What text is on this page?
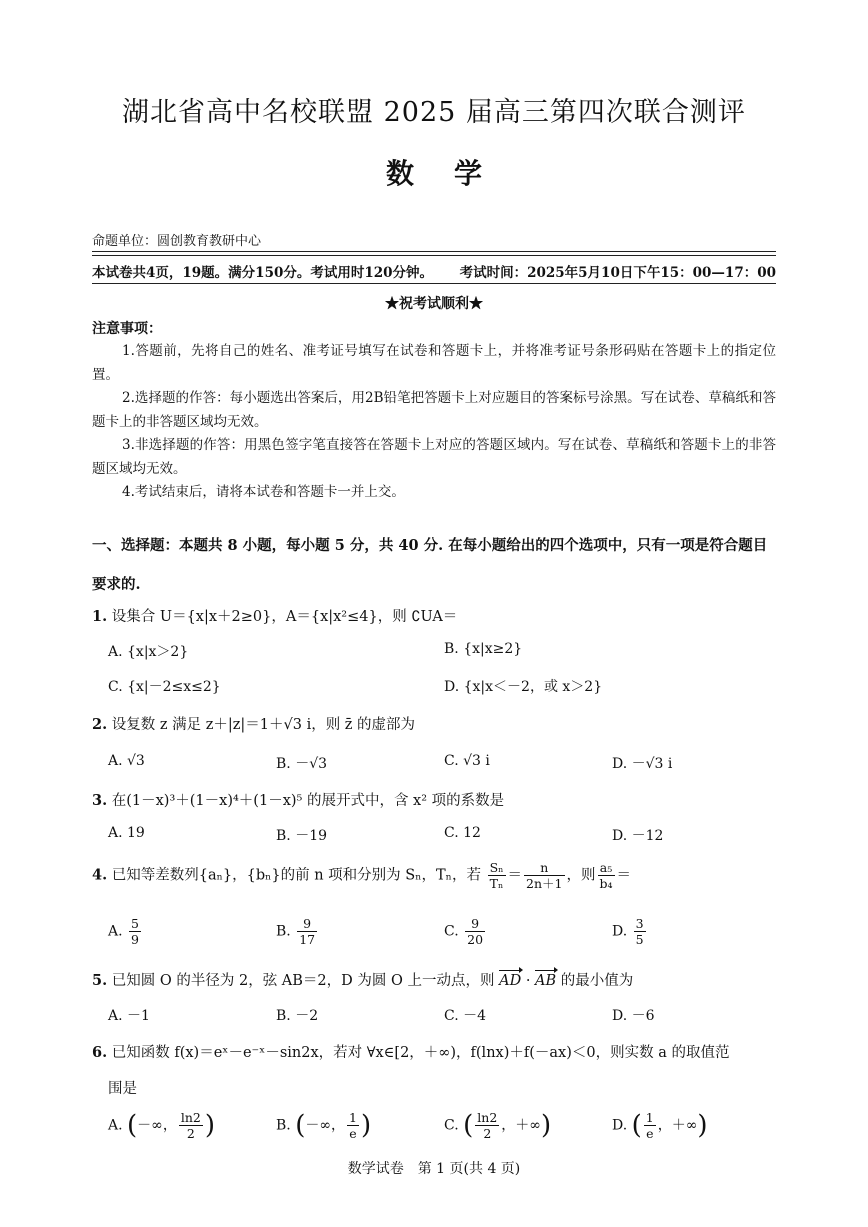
湖北省高中名校联盟 2025 届高三第四次联合测评
数学
命题单位：圆创教育教研中心
本试卷共4页，19题。满分150分。考试用时120分钟。 考试时间：2025年5月10日下午15：00—17：00
★祝考试顺利★
注意事项：
1.答题前，先将自己的姓名、准考证号填写在试卷和答题卡上，并将准考证号条形码贴在答题卡上的指定位置。
2.选择题的作答：每小题选出答案后，用2B铅笔把答题卡上对应题目的答案标号涂黑。写在试卷、草稿纸和答题卡上的非答题区域均无效。
3.非选择题的作答：用黑色签字笔直接答在答题卡上对应的答题区域内。写在试卷、草稿纸和答题卡上的非答题区域均无效。
4.考试结束后，请将本试卷和答题卡一并上交。
一、选择题：本题共 8 小题，每小题 5 分，共 40 分. 在每小题给出的四个选项中，只有一项是符合题目要求的.
1. 设集合 U＝{x|x＋2≥0}，A＝{x|x²≤4}，则 ∁UA＝
A. {x|x＞2}	B. {x|x≥2}
C. {x|－2≤x≤2}	D. {x|x＜－2，或 x＞2}
2. 设复数 z 满足 z＋|z|＝1＋√3 i，则 z̄ 的虚部为
A. √3	B. －√3	C. √3 i	D. －√3 i
3. 在(1－x)³＋(1－x)⁴＋(1－x)⁵ 的展开式中，含 x² 项的系数是
A. 19	B. －19	C. 12	D. －12
4. 已知等差数列{aₙ}，{bₙ}的前 n 项和分别为 Sₙ，Tₙ，若 $\frac{\text{Sₙ}}{\text{Tₙ}} = \frac{n}{2n+1}$ ，则 $\frac{\text{a₅}}{\text{b₄}}$ ＝
A. $\frac{5}{9}$	B. $\frac{9}{17}$	C. $\frac{9}{20}$	D. $\frac{3}{5}$
5. 已知圆 O 的半径为 2，弦 AB＝2，D 为圆 O 上一动点，则 AD · AB 的最小值为
A. －1	B. －2	C. －4	D. －6
6. 已知函数 f(x)＝eˣ－e⁻ˣ－sin2x，若对 ∀x∈[2，＋∞)，f(lnx)＋f(－ax)＜0，则实数 a 的取值范
围是
A. (－∞， $\frac{\ln 2}{2}$ )	B. (－∞， $\frac{1}{e}$ )	C. ( $\frac{\ln 2}{2}$ ，＋∞)	D. ( $\frac{1}{e}$ ，＋∞)
数学试卷　第 1 页(共 4 页)
